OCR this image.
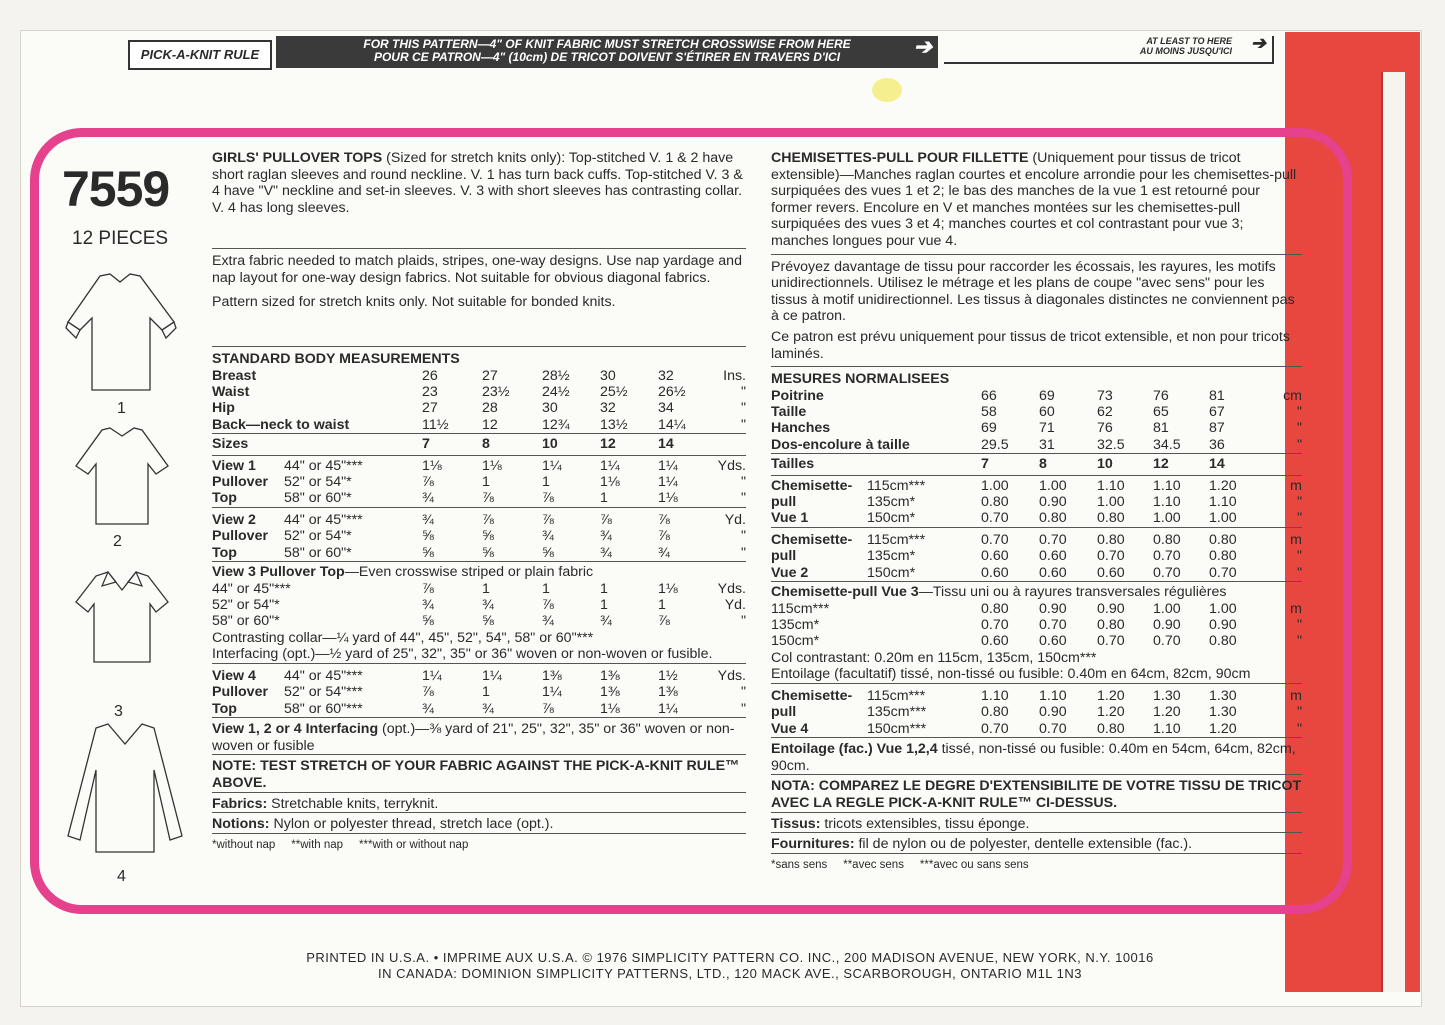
PICK-A-KNIT RULE
FOR THIS PATTERN—4" OF KNIT FABRIC MUST STRETCH CROSSWISE FROM HERE
POUR CE PATRON—4" (10cm) DE TRICOT DOIVENT S'ÉTIRER EN TRAVERS D'ICI	➔	AT LEAST TO HERE
AU MOINS JUSQU'ICI ➔
7559
12 PIECES
1
2
3
4
GIRLS' PULLOVER TOPS (Sized for stretch knits only): Top-stitched V. 1 & 2 have short raglan sleeves and round neckline. V. 1 has turn back cuffs. Top-stitched V. 3 & 4 have "V" neckline and set-in sleeves. V. 3 with short sleeves has contrasting collar. V. 4 has long sleeves.
Extra fabric needed to match plaids, stripes, one-way designs. Use nap yardage and nap layout for one-way design fabrics. Not suitable for obvious diagonal fabrics.
Pattern sized for stretch knits only. Not suitable for bonded knits.
STANDARD BODY MEASUREMENTS						
Breast	26	27	28½	30	32	Ins.
Waist	23	23½	24½	25½	26½	"
Hip	27	28	30	32	34	"
Back—neck to waist	11½	12	12¾	13½	14¼	"
Sizes	7	8	10	12	14	
View 1	44" or 45"***	1⅛	1⅛	1¼	1¼	1¼	Yds.
Pullover	52" or 54"*	⅞	1	1	1⅛	1¼	"
Top	58" or 60"*	¾	⅞	⅞	1	1⅛	"
View 2	44" or 45"***	¾	⅞	⅞	⅞	⅞	Yd.
Pullover	52" or 54"*	⅝	⅝	¾	¾	⅞	"
Top	58" or 60"*	⅝	⅝	⅝	¾	¾	"
View 3 Pullover Top—Even crosswise striped or plain fabric
44" or 45"***	⅞	1	1	1	1⅛	Yds.
52" or 54"*	¾	¾	⅞	1	1	Yd.
58" or 60"*	⅝	⅝	¾	¾	⅞	"
Contrasting collar—¼ yard of 44", 45", 52", 54", 58" or 60"***
Interfacing (opt.)—½ yard of 25", 32", 35" or 36" woven or non-woven or fusible.
View 4	44" or 45"***	1¼	1¼	1⅜	1⅜	1½	Yds.
Pullover	52" or 54"***	⅞	1	1¼	1⅜	1⅜	"
Top	58" or 60"***	¾	¾	⅞	1⅛	1¼	"
View 1, 2 or 4 Interfacing (opt.)—⅜ yard of 21", 25", 32", 35" or 36" woven or non-woven or fusible
NOTE: TEST STRETCH OF YOUR FABRIC AGAINST THE PICK-A-KNIT RULE™ ABOVE.
Fabrics: Stretchable knits, terryknit.
Notions: Nylon or polyester thread, stretch lace (opt.).
*without nap     **with nap     ***with or without nap
CHEMISETTES-PULL POUR FILLETTE (Uniquement pour tissus de tricot extensible)—Manches raglan courtes et encolure arrondie pour les chemisettes-pull surpiquées des vues 1 et 2; le bas des manches de la vue 1 est retourné pour former revers. Encolure en V et manches montées sur les chemisettes-pull surpiquées des vues 3 et 4; manches courtes et col contrastant pour vue 3; manches longues pour vue 4.
Prévoyez davantage de tissu pour raccorder les écossais, les rayures, les motifs unidirectionnels. Utilisez le métrage et les plans de coupe "avec sens" pour les tissus à motif unidirectionnel. Les tissus à diagonales distinctes ne conviennent pas à ce patron.
Ce patron est prévu uniquement pour tissus de tricot extensible, et non pour tricots laminés.
MESURES NORMALISEES						
Poitrine	66	69	73	76	81	cm
Taille	58	60	62	65	67	"
Hanches	69	71	76	81	87	"
Dos-encolure à taille	29.5	31	32.5	34.5	36	"
Tailles	7	8	10	12	14	
Chemisette-	115cm***	1.00	1.00	1.10	1.10	1.20	m
pull	135cm*	0.80	0.90	1.00	1.10	1.10	"
Vue 1	150cm*	0.70	0.80	0.80	1.00	1.00	"
Chemisette-	115cm***	0.70	0.70	0.80	0.80	0.80	m
pull	135cm*	0.60	0.60	0.70	0.70	0.80	"
Vue 2	150cm*	0.60	0.60	0.60	0.70	0.70	"
Chemisette-pull Vue 3—Tissu uni ou à rayures transversales régulières
115cm***	0.80	0.90	0.90	1.00	1.00	m
135cm*	0.70	0.70	0.80	0.90	0.90	"
150cm*	0.60	0.60	0.70	0.70	0.80	"
Col contrastant: 0.20m en 115cm, 135cm, 150cm***
Entoilage (facultatif) tissé, non-tissé ou fusible: 0.40m en 64cm, 82cm, 90cm
Chemisette-	115cm***	1.10	1.10	1.20	1.30	1.30	m
pull	135cm***	0.80	0.90	1.20	1.20	1.30	"
Vue 4	150cm***	0.70	0.70	0.80	1.10	1.20	"
Entoilage (fac.) Vue 1,2,4 tissé, non-tissé ou fusible: 0.40m en 54cm, 64cm, 82cm, 90cm.
NOTA: COMPAREZ LE DEGRE D'EXTENSIBILITE DE VOTRE TISSU DE TRICOT AVEC LA REGLE PICK-A-KNIT RULE™ CI-DESSUS.
Tissus: tricots extensibles, tissu éponge.
Fournitures: fil de nylon ou de polyester, dentelle extensible (fac.).
*sans sens     **avec sens     ***avec ou sans sens
PRINTED IN U.S.A. • IMPRIME AUX U.S.A. © 1976 SIMPLICITY PATTERN CO. INC., 200 MADISON AVENUE, NEW YORK, N.Y. 10016
IN CANADA: DOMINION SIMPLICITY PATTERNS, LTD., 120 MACK AVE., SCARBOROUGH, ONTARIO M1L 1N3
